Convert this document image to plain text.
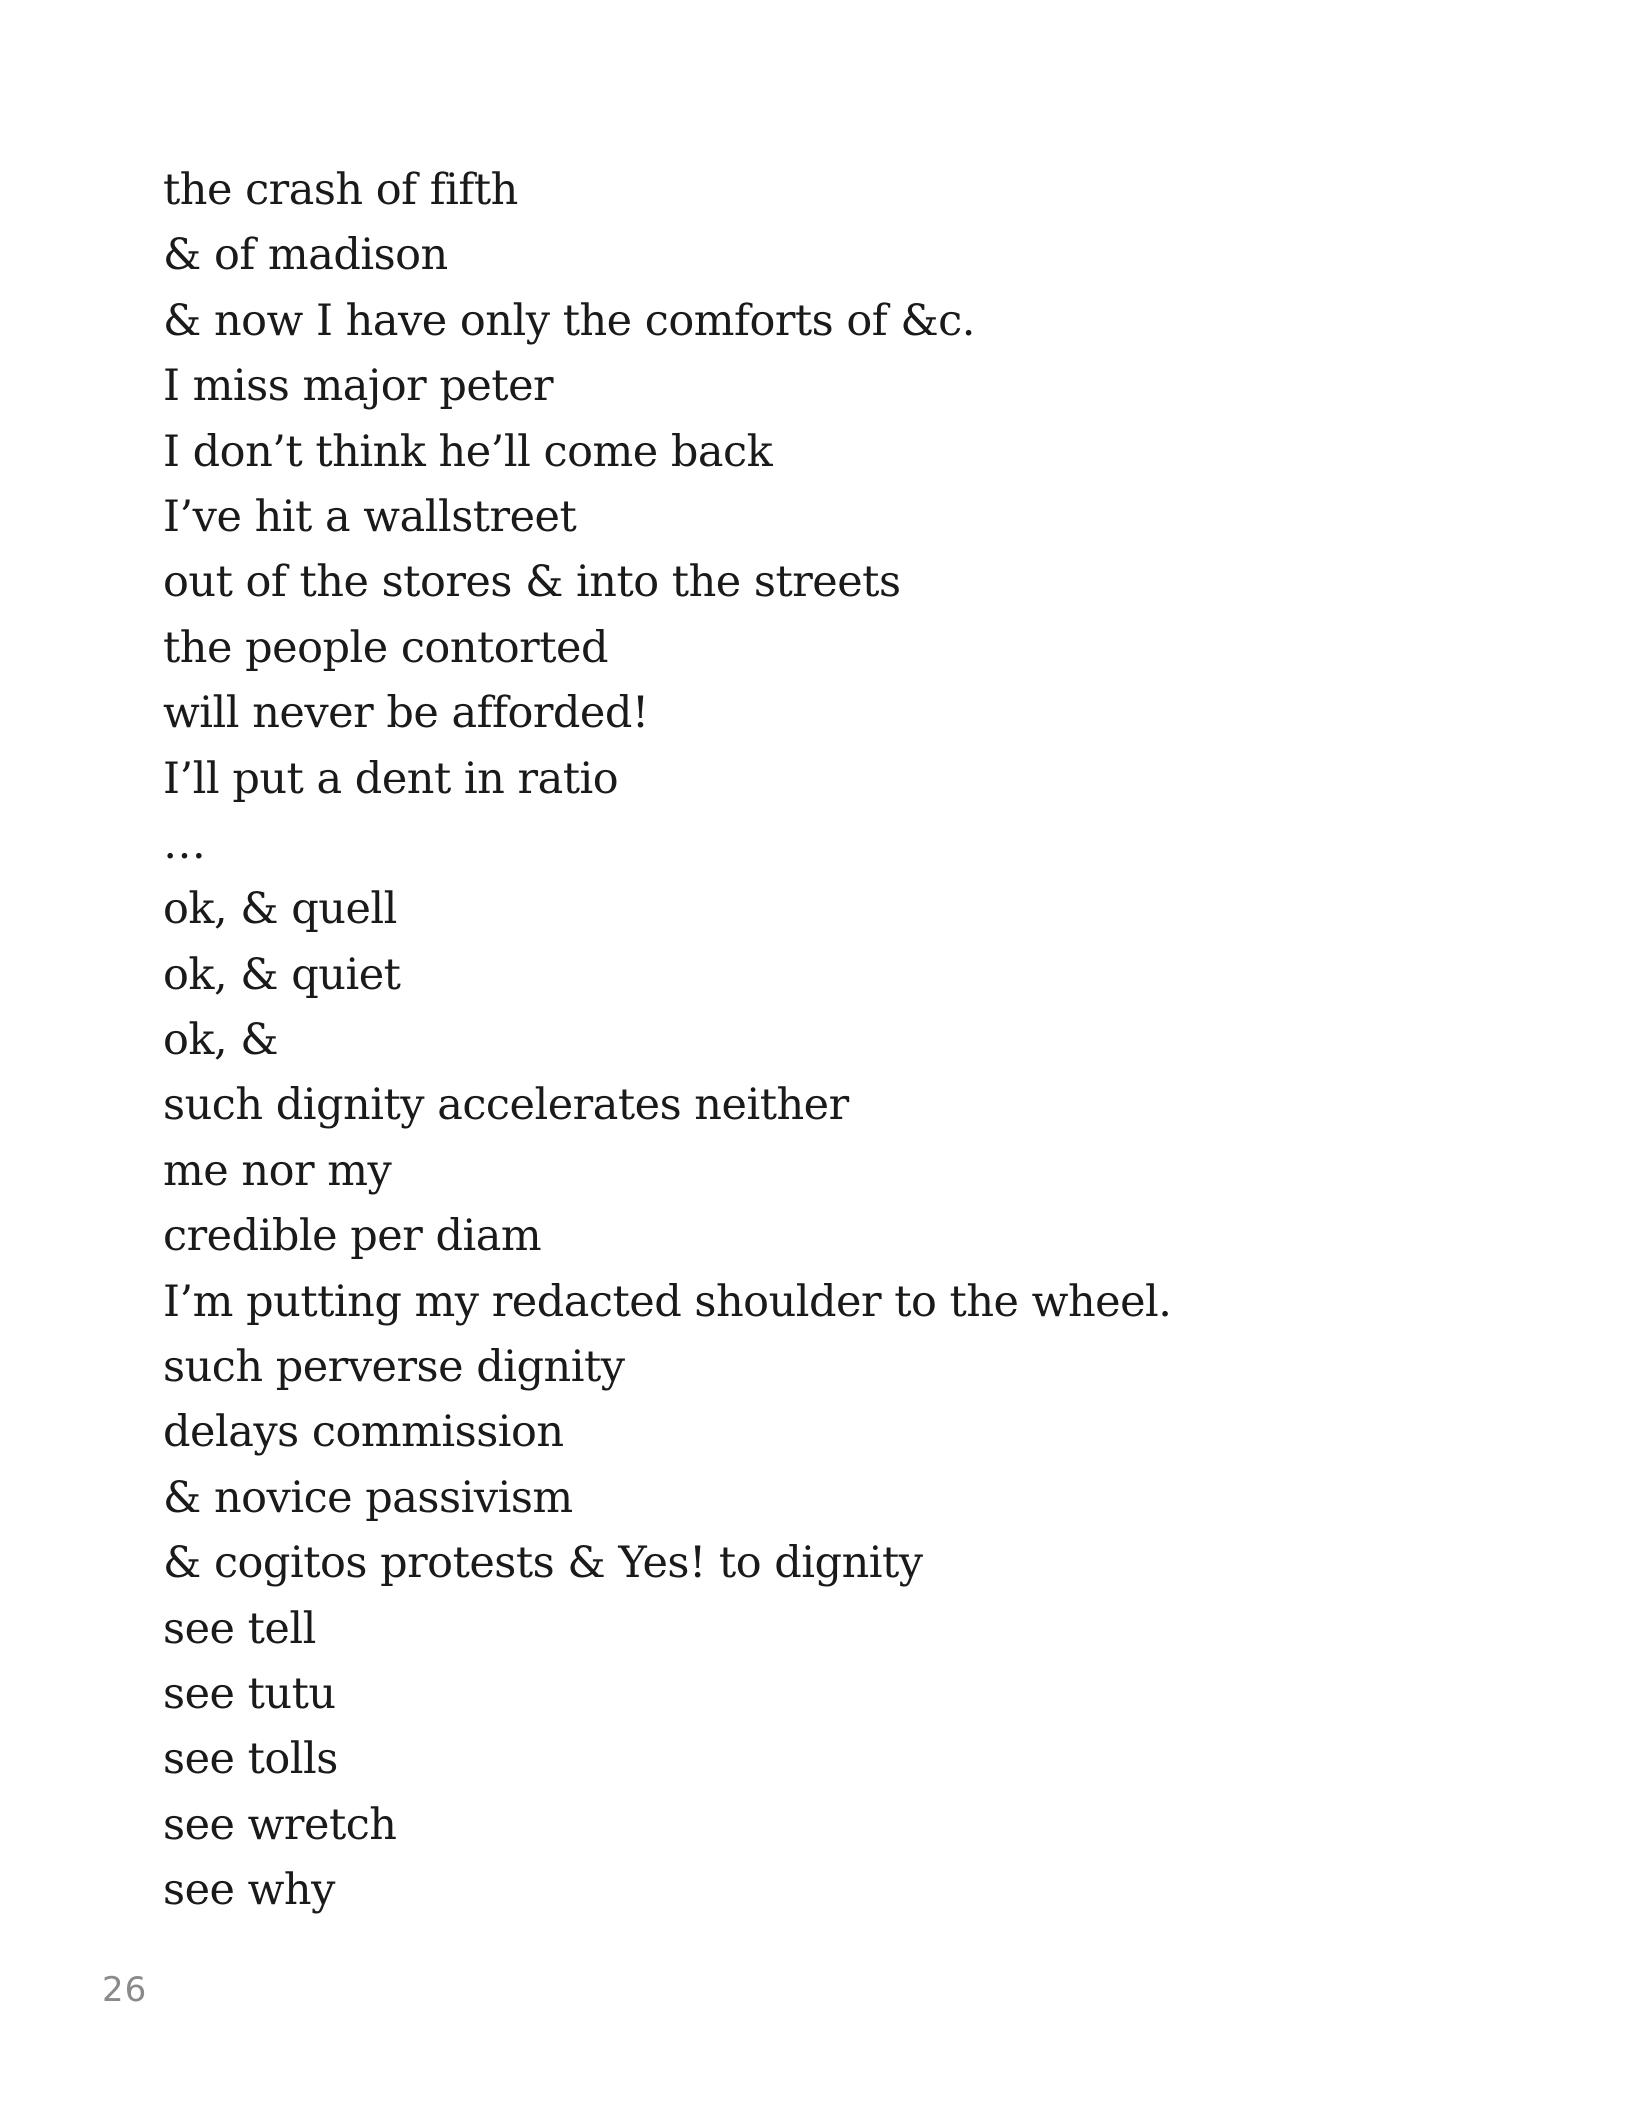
the crash of fifth
& of madison
& now I have only the comforts of &c.
I miss major peter
I don’t think he’ll come back
I’ve hit a wallstreet
out of the stores & into the streets
the people contorted
will never be afforded!
I’ll put a dent in ratio
…
ok, & quell
ok, & quiet
ok, &
such dignity accelerates neither
me nor my
credible per diam
I’m putting my redacted shoulder to the wheel.
such perverse dignity
delays commission
& novice passivism
& cogitos protests & Yes! to dignity
see tell
see tutu
see tolls
see wretch
see why
26
